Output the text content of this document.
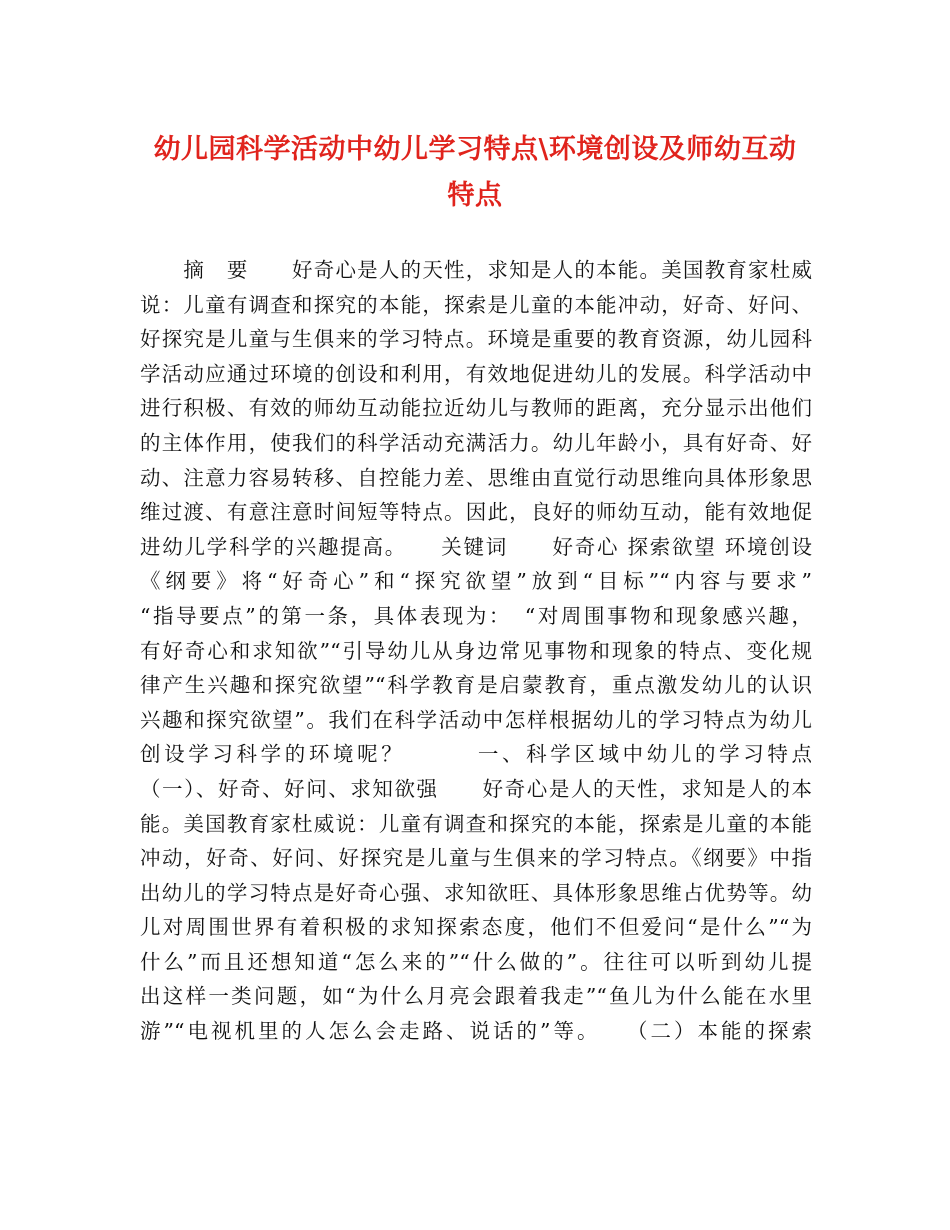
幼儿园科学活动中幼儿学习特点\环境创设及师幼互动
特点
　　摘　要　　好奇心是人的天性，求知是人的本能。美国教育家杜威
说：儿童有调查和探究的本能，探索是儿童的本能冲动，好奇、好问、
好探究是儿童与生俱来的学习特点。环境是重要的教育资源，幼儿园科
学活动应通过环境的创设和利用，有效地促进幼儿的发展。科学活动中
进行积极、有效的师幼互动能拉近幼儿与教师的距离，充分显示出他们
的主体作用，使我们的科学活动充满活力。幼儿年龄小，具有好奇、好
动、注意力容易转移、自控能力差、思维由直觉行动思维向具体形象思
维过渡、有意注意时间短等特点。因此，良好的师幼互动，能有效地促
进幼儿学科学的兴趣提高。　　关键词　　好奇心 探索欲望 环境创设
《纲要》将“好奇心”和“探究欲望”放到“目标”“内容与要求”
“指导要点”的第一条，具体表现为：　“对周围事物和现象感兴趣，
有好奇心和求知欲”“引导幼儿从身边常见事物和现象的特点、变化规
律产生兴趣和探究欲望”“科学教育是启蒙教育，重点激发幼儿的认识
兴趣和探究欲望”。我们在科学活动中怎样根据幼儿的学习特点为幼儿
创设学习科学的环境呢？　　　一、科学区域中幼儿的学习特点
（一）、好奇、好问、求知欲强　　好奇心是人的天性，求知是人的本
能。美国教育家杜威说：儿童有调查和探究的本能，探索是儿童的本能
冲动，好奇、好问、好探究是儿童与生俱来的学习特点。《纲要》中指
出幼儿的学习特点是好奇心强、求知欲旺、具体形象思维占优势等。幼
儿对周围世界有着积极的求知探索态度，他们不但爱问“是什么”“为
什么”而且还想知道“怎么来的”“什么做的”。往往可以听到幼儿提
出这样一类问题，如“为什么月亮会跟着我走”“鱼儿为什么能在水里
游”“电视机里的人怎么会走路、说话的”等。　　（二）本能的探索
